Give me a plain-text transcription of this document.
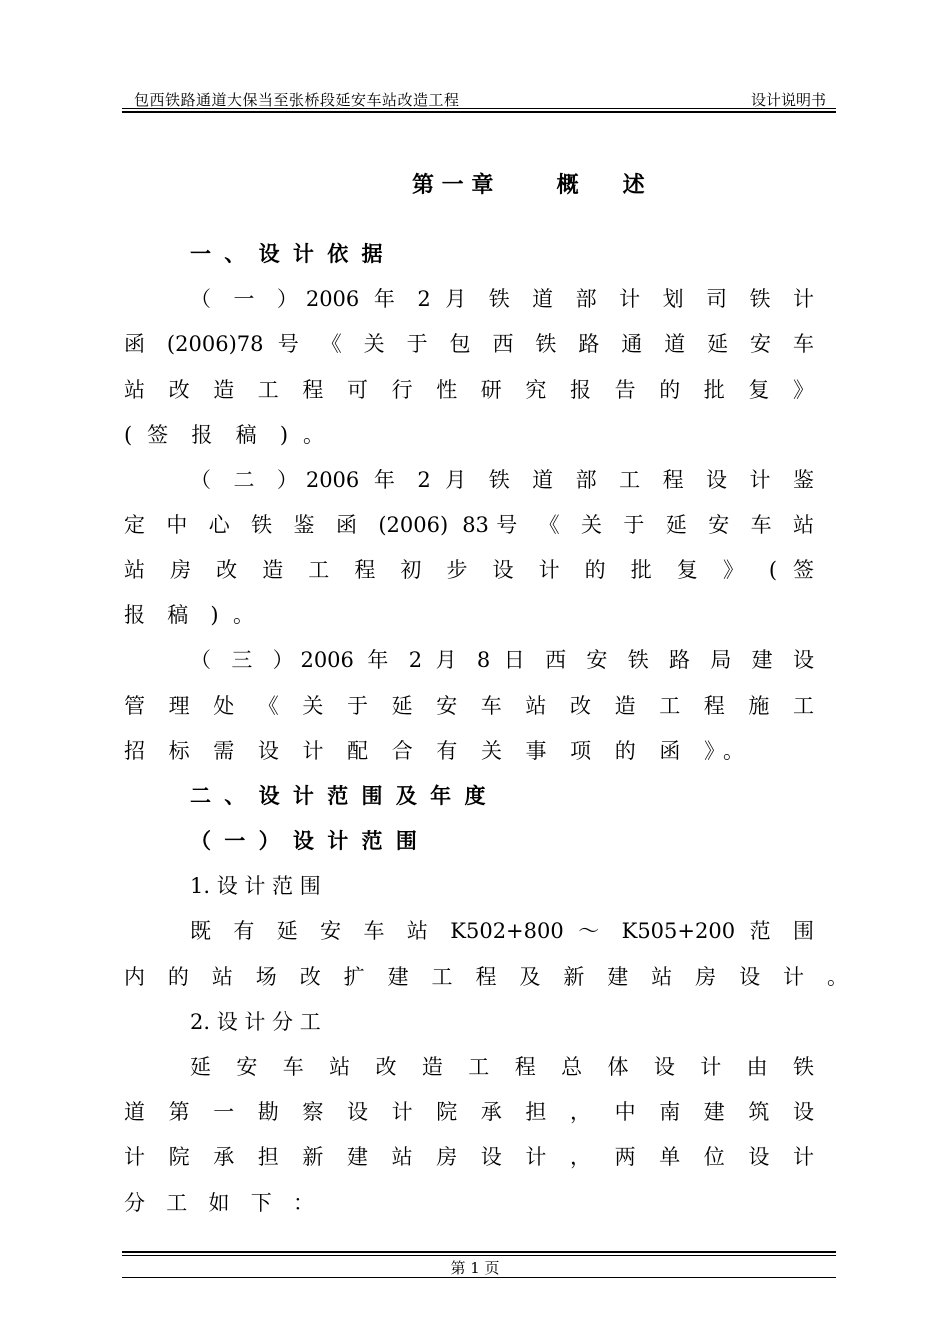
包西铁路通道大保当至张桥段延安车站改造工程	设计说明书
第 一 章	概　　述
一 、 设 计 依 据
（ 一 ）2006 年 2 月 铁 道 部 计 划 司 铁 计
函 (2006)78 号 《 关 于 包 西 铁 路 通 道 延 安 车
站 改 造 工 程 可 行 性 研 究 报 告 的 批 复 》
( 签 报 稿 ) 。
（ 二 ）2006 年 2 月 铁 道 部 工 程 设 计 鉴
定 中 心 铁 鉴 函 (2006) 83号 《 关 于 延 安 车 站
站 房 改 造 工 程 初 步 设 计 的 批 复 》 ( 签
报 稿 ) 。
（ 三 ）2006 年 2 月 8 日 西 安 铁 路 局 建 设
管 理 处 《 关 于 延 安 车 站 改 造 工 程 施 工
招 标 需 设 计 配 合 有 关 事 项 的 函 》。
二 、 设 计 范 围 及 年 度
（ 一 ） 设 计 范 围
1. 设 计 范 围
既 有 延 安 车 站 K502+800 ～ K505+200 范 围
内 的 站 场 改 扩 建 工 程 及 新 建 站 房 设 计 。
2. 设 计 分 工
延 安 车 站 改 造 工 程 总 体 设 计 由 铁
道 第 一 勘 察 设 计 院 承 担 ， 中 南 建 筑 设
计 院 承 担 新 建 站 房 设 计 ， 两 单 位 设 计
分 工 如 下 ：
第 1 页
